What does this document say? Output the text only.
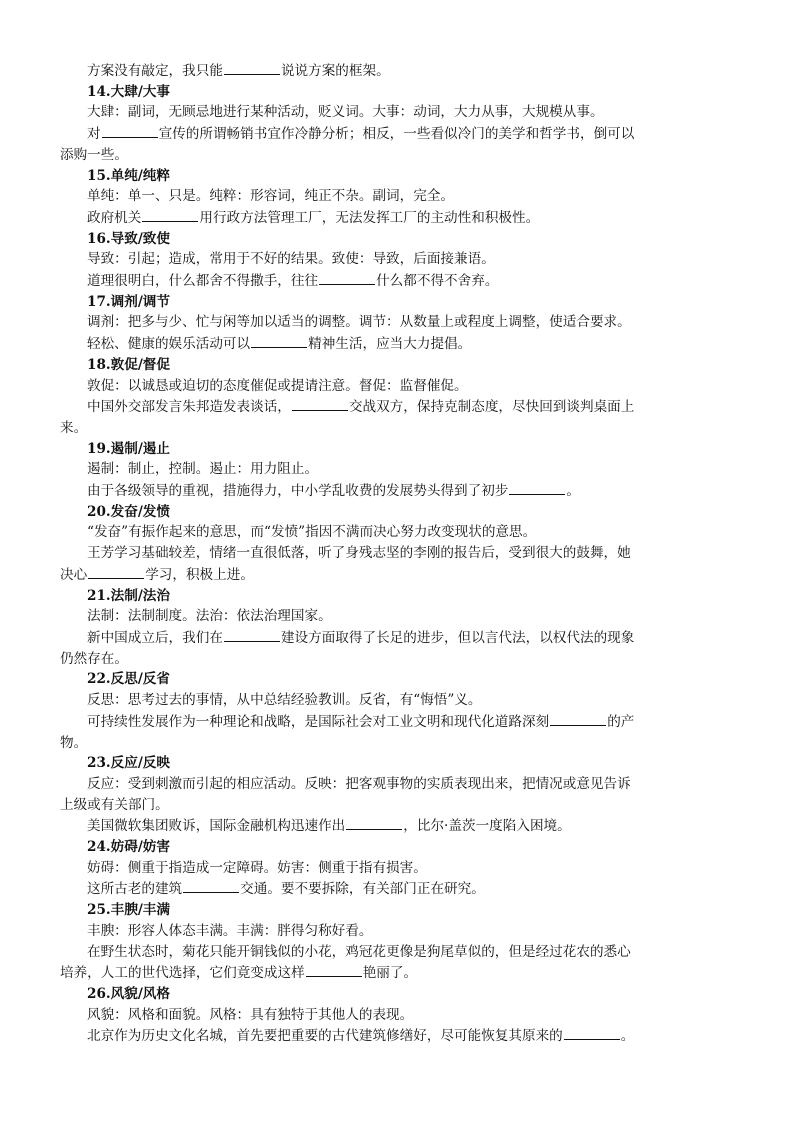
方案没有敲定，我只能	说说方案的框架。
14.大肆/大事
大肆：副词，无顾忌地进行某种活动，贬义词。大事：动词，大力从事，大规模从事。
对	宣传的所谓畅销书宜作冷静分析；相反，一些看似冷门的美学和哲学书，倒可以
添购一些。
15.单纯/纯粹
单纯：单一、只是。纯粹：形容词，纯正不杂。副词，完全。
政府机关	用行政方法管理工厂，无法发挥工厂的主动性和积极性。
16.导致/致使
导致：引起；造成，常用于不好的结果。致使：导致，后面接兼语。
道理很明白，什么都舍不得撒手，往往	什么都不得不舍弃。
17.调剂/调节
调剂：把多与少、忙与闲等加以适当的调整。调节：从数量上或程度上调整，使适合要求。
轻松、健康的娱乐活动可以	精神生活，应当大力提倡。
18.敦促/督促
敦促：以诚恳或迫切的态度催促或提请注意。督促：监督催促。
中国外交部发言朱邦造发表谈话，	交战双方，保持克制态度，尽快回到谈判桌面上
来。
19.遏制/遏止
遏制：制止，控制。遏止：用力阻止。
由于各级领导的重视，措施得力，中小学乱收费的发展势头得到了初步	。
20.发奋/发愤
“发奋”有振作起来的意思，而“发愤”指因不满而决心努力改变现状的意思。
王芳学习基础较差，情绪一直很低落，听了身残志坚的李刚的报告后，受到很大的鼓舞，她
决心	学习，积极上进。
21.法制/法治
法制：法制制度。法治：依法治理国家。
新中国成立后，我们在	建设方面取得了长足的进步，但以言代法，以权代法的现象
仍然存在。
22.反思/反省
反思：思考过去的事情，从中总结经验教训。反省，有“悔悟”义。
可持续性发展作为一种理论和战略，是国际社会对工业文明和现代化道路深刻	的产
物。
23.反应/反映
反应：受到刺激而引起的相应活动。反映：把客观事物的实质表现出来，把情况或意见告诉
上级或有关部门。
美国微软集团败诉，国际金融机构迅速作出	，比尔·盖茨一度陷入困境。
24.妨碍/妨害
妨碍：侧重于指造成一定障碍。妨害：侧重于指有损害。
这所古老的建筑	交通。要不要拆除，有关部门正在研究。
25.丰腴/丰满
丰腴：形容人体态丰满。丰满：胖得匀称好看。
在野生状态时，菊花只能开铜钱似的小花，鸡冠花更像是狗尾草似的，但是经过花农的悉心
培养，人工的世代选择，它们竟变成这样	艳丽了。
26.风貌/风格
风貌：风格和面貌。风格：具有独特于其他人的表现。
北京作为历史文化名城，首先要把重要的古代建筑修缮好，尽可能恢复其原来的	。
